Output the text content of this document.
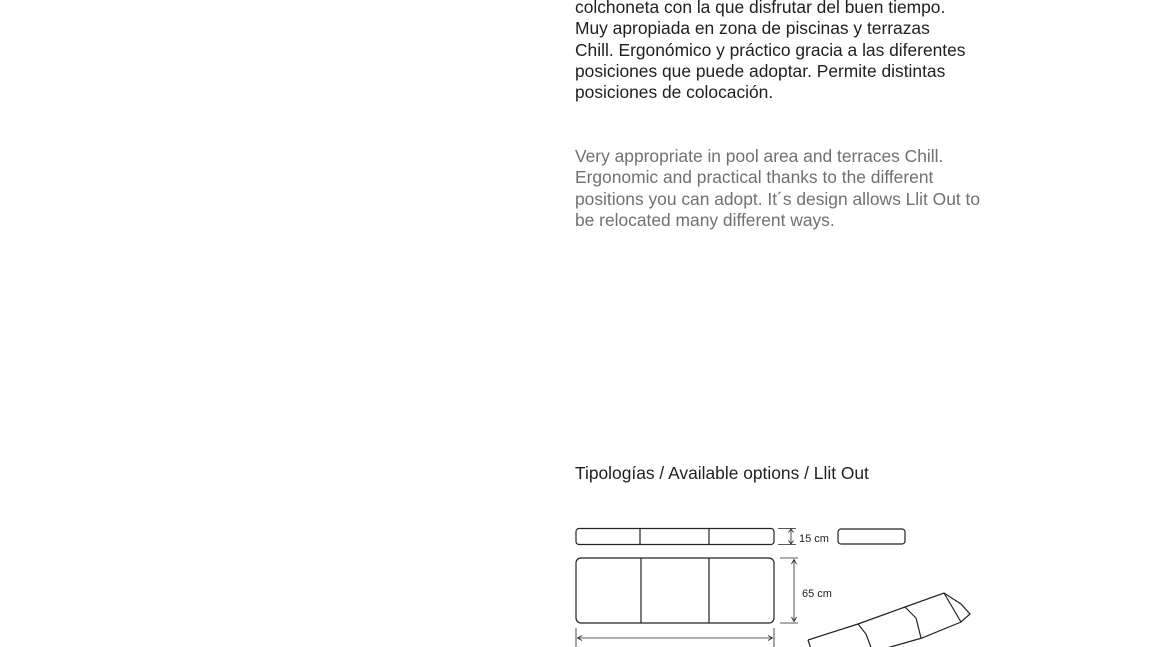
colchoneta con la que disfrutar del buen tiempo.
Muy apropiada en zona de piscinas y terrazas
Chill. Ergonómico y práctico gracia a las diferentes
posiciones que puede adoptar. Permite distintas
posiciones de colocación.
Very appropriate in pool area and terraces Chill.
Ergonomic and practical thanks to the different
positions you can adopt. It´s design allows Llit Out to
be relocated many different ways.
Tipologías / Available options / Llit Out
15 cm
65 cm
